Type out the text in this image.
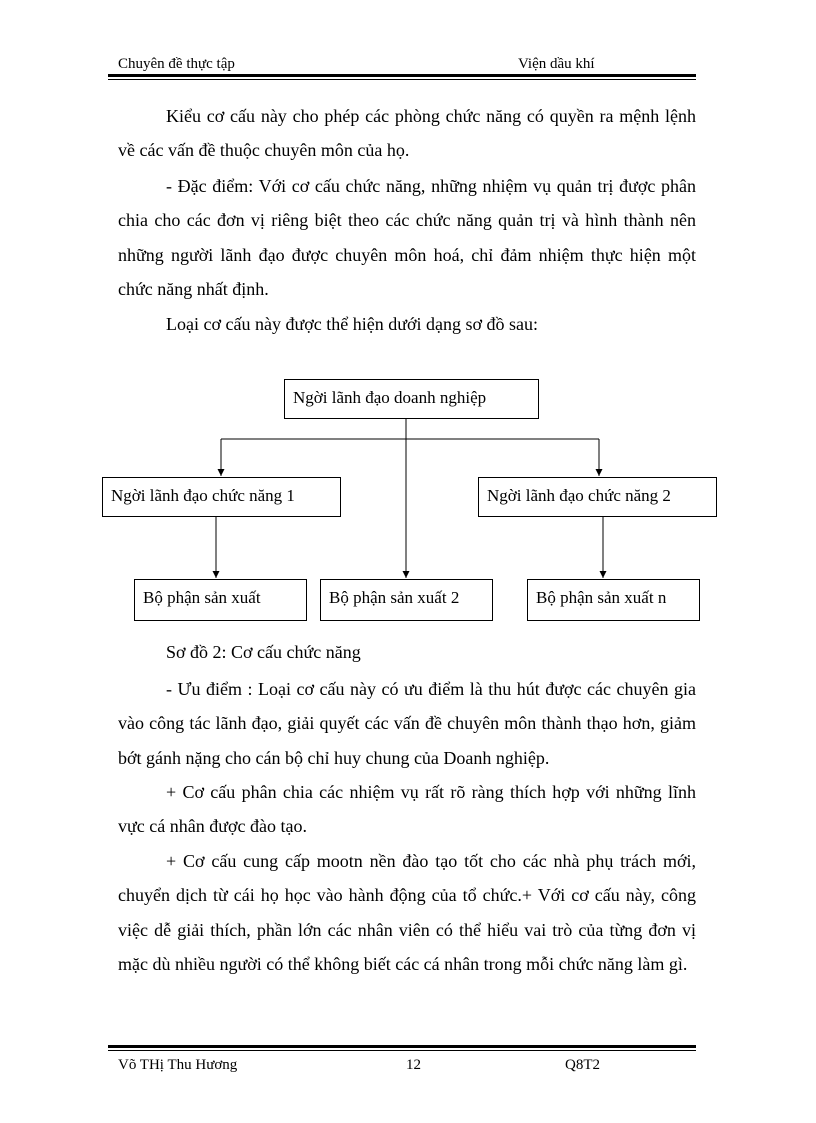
Chuyên đề thực tập	Viện dầu khí

Kiểu cơ cấu này cho phép các phòng chức năng có quyền ra mệnh lệnh về các vấn đề thuộc chuyên môn của họ.

- Đặc điểm: Với cơ cấu chức năng, những nhiệm vụ quản trị được phân chia cho các đơn vị riêng biệt theo các chức năng quản trị và hình thành nên những người lãnh đạo được chuyên môn hoá, chỉ đảm nhiệm thực hiện một chức năng nhất định.

Loại cơ cấu này được thể hiện dưới dạng sơ đồ sau:

Ngời lãnh đạo doanh nghiệp
Ngời lãnh đạo chức năng 1	Ngời lãnh đạo chức năng 2
Bộ phận sản xuất	Bộ phận sản xuất 2	Bộ phận sản xuất n

Sơ đồ 2: Cơ cấu chức năng

- Ưu điểm : Loại cơ cấu này có ưu điểm là thu hút được các chuyên gia vào công tác lãnh đạo, giải quyết các vấn đề chuyên môn thành thạo hơn, giảm bớt gánh nặng cho cán bộ chỉ huy chung của Doanh nghiệp.

+ Cơ cấu phân chia các nhiệm vụ rất rõ ràng thích hợp với những lĩnh vực cá nhân được đào tạo.

+ Cơ cấu cung cấp mootn nền đào tạo tốt cho các nhà phụ trách mới, chuyển dịch từ cái họ học vào hành động của tổ chức.+ Với cơ cấu này, công việc dễ giải thích, phần lớn các nhân viên có thể hiểu vai trò của từng đơn vị mặc dù nhiều người có thể không biết các cá nhân trong mỗi chức năng làm gì.

Võ THị Thu Hương	12	Q8T2
